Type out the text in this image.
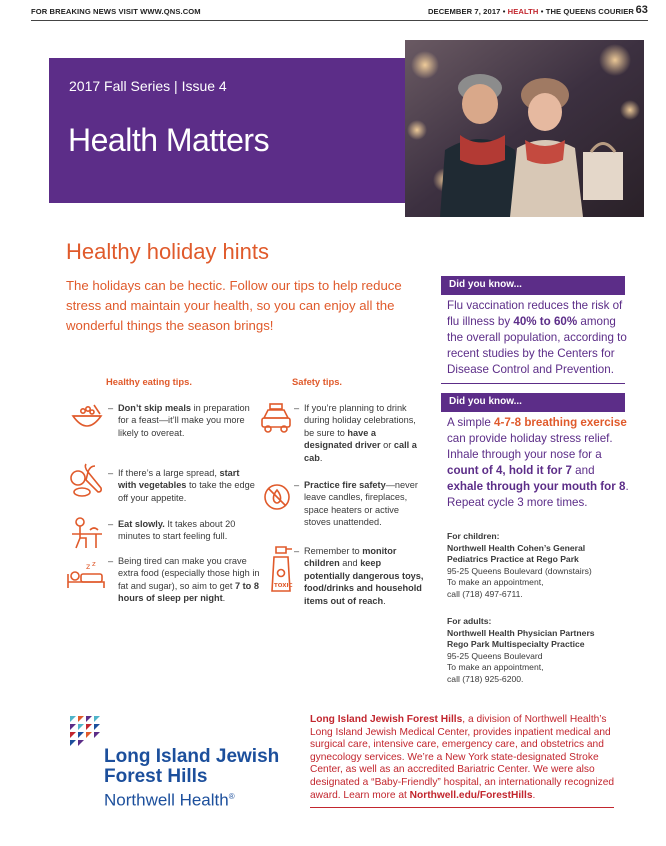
FOR BREAKING NEWS VISIT WWW.QNS.COM	DECEMBER 7, 2017 • HEALTH • THE QUEENS COURIER 63
2017 Fall Series | Issue 4
Health Matters
Healthy holiday hints
The holidays can be hectic. Follow our tips to help reduce stress and maintain your health, so you can enjoy all the wonderful things the season brings!
Healthy eating tips.
– Don’t skip meals in preparation for a feast—it’ll make you more likely to overeat.
– If there’s a large spread, start with vegetables to take the edge off your appetite.
– Eat slowly. It takes about 20 minutes to start feeling full.
z z – Being tired can make you crave extra food (especially those high in fat and sugar), so aim to get 7 to 8 hours of sleep per night.
Safety tips.
– If you’re planning to drink during holiday celebrations, be sure to have a designated driver or call a cab.
– Practice fire safety—never leave candles, fireplaces, space heaters or active stoves unattended.
TOXIC
– Remember to monitor children and keep potentially dangerous toys, food/drinks and household items out of reach.
Did you know...
Flu vaccination reduces the risk of flu illness by 40% to 60% among the overall population, according to recent studies by the Centers for Disease Control and Prevention.
Did you know...
A simple 4-7-8 breathing exercise can provide holiday stress relief. Inhale through your nose for a count of 4, hold it for 7 and exhale through your mouth for 8. Repeat cycle 3 more times.
For children:
Northwell Health Cohen’s General
Pediatrics Practice at Rego Park
95-25 Queens Boulevard (downstairs)
To make an appointment,
call (718) 497-6711.
For adults:
Northwell Health Physician Partners
Rego Park Multispecialty Practice
95-25 Queens Boulevard
To make an appointment,
call (718) 925-6200.
Long Island Jewish
Forest Hills
Northwell Health®
Long Island Jewish Forest Hills, a division of Northwell Health’s Long Island Jewish Medical Center, provides inpatient medical and surgical care, intensive care, emergency care, and obstetrics and gynecology services. We’re a New York state-designated Stroke Center, as well as an accredited Bariatric Center. We were also designated a “Baby-Friendly” hospital, an internationally recognized award. Learn more at Northwell.edu/ForestHills.
